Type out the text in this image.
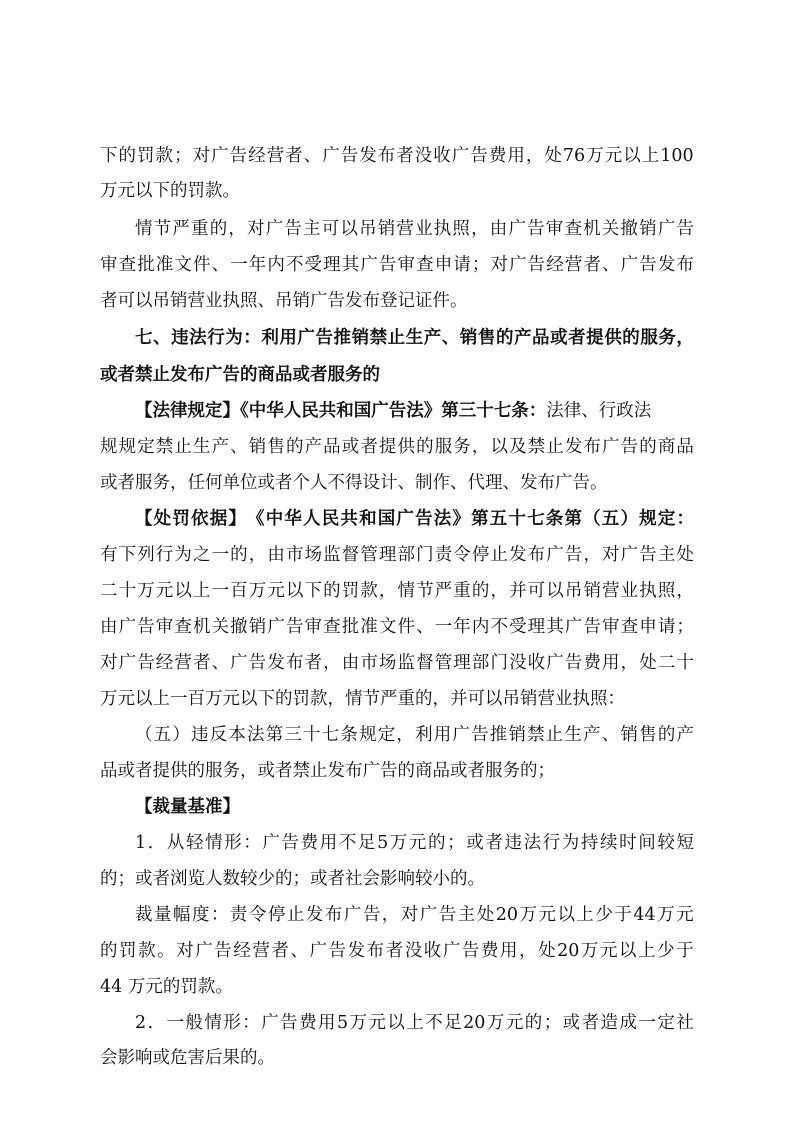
下 的 罚 款 ； 对 广 告 经 营 者 、 广 告 发 布 者 没 收 广 告 费 用 ， 处 76 万 元 以 上 100
万元以下的罚款。
情 节 严 重 的 ， 对 广 告 主 可 以 吊 销 营 业 执 照 ， 由 广 告 审 查 机 关 撤 销 广 告
审 查 批 准 文 件 、 一 年 内 不 受 理 其 广 告 审 查 申 请 ； 对 广 告 经 营 者 、 广 告 发 布
者可以吊销营业执照、吊销广告发布登记证件。
七 、 违 法 行 为 ： 利 用 广 告 推 销 禁 止 生 产 、 销 售 的 产 品 或 者 提 供 的 服 务 ，
或者禁止发布广告的商品或者服务的
【法律规定】《中华人民共和国广告法》第三十七条：法律、行政法
规 规 定 禁 止 生 产 、 销 售 的 产 品 或 者 提 供 的 服 务 ， 以 及 禁 止 发 布 广 告 的 商 品
或者服务，任何单位或者个人不得设计、制作、代理、发布广告。
【 处 罚 依 据 】 《 中 华 人 民 共 和 国 广 告 法 》 第 五 十 七 条 第 （ 五 ） 规 定 ：
有 下 列 行 为 之 一 的 ， 由 市 场 监 督 管 理 部 门 责 令 停 止 发 布 广 告 ， 对 广 告 主 处
二 十 万 元 以 上 一 百 万 元 以 下 的 罚 款 ， 情 节 严 重 的 ， 并 可 以 吊 销 营 业 执 照 ，
由 广 告 审 查 机 关 撤 销 广 告 审 查 批 准 文 件 、 一 年 内 不 受 理 其 广 告 审 查 申 请 ；
对 广 告 经 营 者 、 广 告 发 布 者 ， 由 市 场 监 督 管 理 部 门 没 收 广 告 费 用 ， 处 二 十
万元以上一百万元以下的罚款，情节严重的，并可以吊销营业执照：
（ 五 ） 违 反 本 法 第 三 十 七 条 规 定 ， 利 用 广 告 推 销 禁 止 生 产 、 销 售 的 产
品或者提供的服务，或者禁止发布广告的商品或者服务的；
【裁量基准】
1 ． 从 轻 情 形 ： 广 告 费 用 不 足 5 万 元 的 ； 或 者 违 法 行 为 持 续 时 间 较 短
的；或者浏览人数较少的；或者社会影响较小的。
裁 量 幅 度 ： 责 令 停 止 发 布 广 告 ， 对 广 告 主 处 20 万 元 以 上 少 于 44 万 元
的 罚 款 。 对 广 告 经 营 者 、 广 告 发 布 者 没 收 广 告 费 用 ， 处 20 万 元 以 上 少 于
44 万元的罚款。
2 ． 一 般 情 形 ： 广 告 费 用 5 万 元 以 上 不 足 20 万 元 的 ； 或 者 造 成 一 定 社
会影响或危害后果的。
